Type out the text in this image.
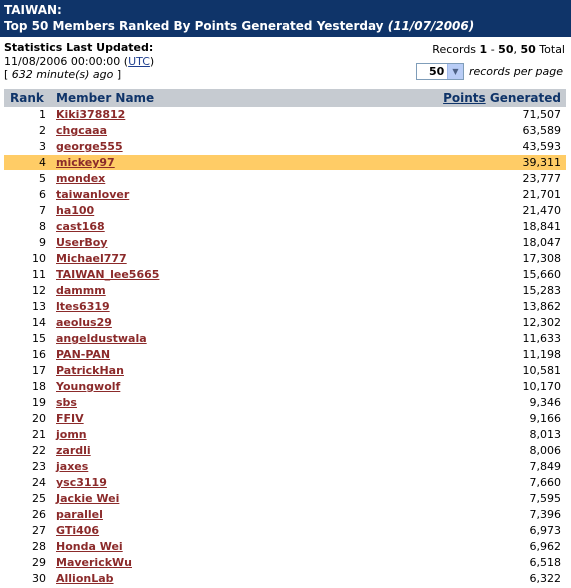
TAIWAN:
Top 50 Members Ranked By Points Generated Yesterday (11/07/2006)
Statistics Last Updated:
11/08/2006 00:00:00 (UTC)
[ 632 minute(s) ago ]
Records 1 - 50, 50 Total
50	▼ records per page
Rank	Member Name	Points Generated
1 Kiki378812	71,507
2 chgcaaa	63,589
3 george555	43,593
4 mickey97	39,311
5 mondex	23,777
6 taiwanlover	21,701
7 ha100	21,470
8 cast168	18,841
9 UserBoy	18,047
10 Michael777	17,308
11 TAIWAN_lee5665	15,660
12 dammm	15,283
13 ltes6319	13,862
14 aeolus29	12,302
15 angeldustwala	11,633
16 PAN-PAN	11,198
17 PatrickHan	10,581
18 Youngwolf	10,170
19 sbs	9,346
20 FFIV	9,166
21 jomn	8,013
22 zardli	8,006
23 jaxes	7,849
24 ysc3119	7,660
25 Jackie Wei	7,595
26 parallel	7,396
27 GTi406	6,973
28 Honda Wei	6,962
29 MaverickWu	6,518
30 AllionLab	6,322
